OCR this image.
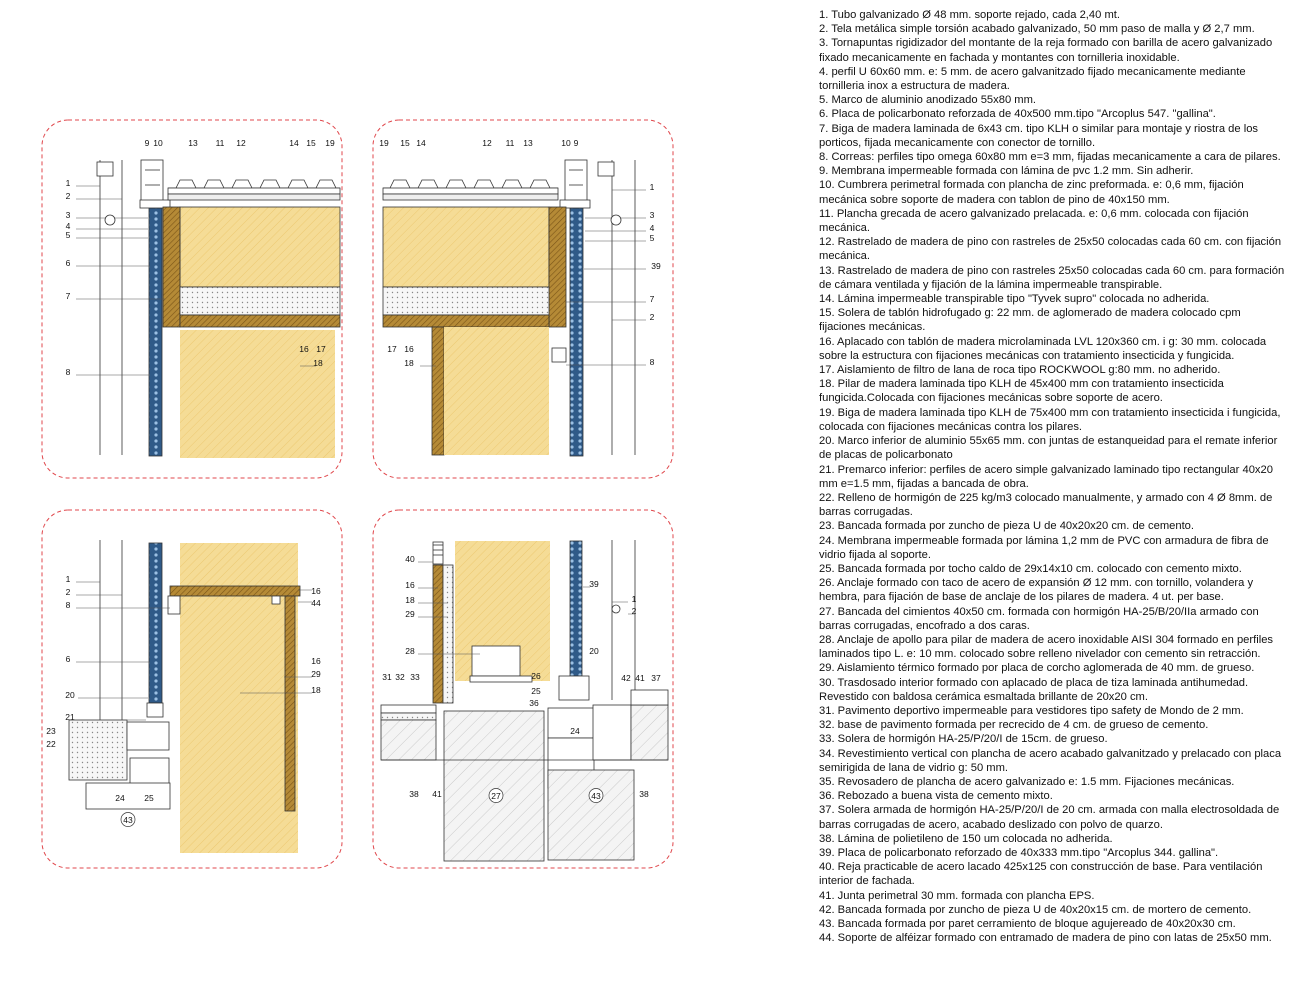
9 10	13 11 12	14 15 19
1
2
3
4
5
6
7
8
16 17
18
19 15 14	12 11 13	10 9
1
3
4
5
39
7
2
8
17 16
18
1
2
8
6
20
21
23
22
24 25
43
16
44
16
29
18
40
16
18
29
28
31 32 33
39
1
2
20
26
25
36
42 41 37
24
38 41	27	43	38

1. Tubo galvanizado Ø 48 mm. soporte rejado, cada 2,40 mt.

2. Tela metálica simple torsión acabado galvanizado, 50 mm paso de malla y Ø 2,7 mm.

3. Tornapuntas rigidizador del montante de la reja formado con barilla de acero galvanizado fixado mecanicamente en fachada y montantes con tornilleria inoxidable.

4. perfil U 60x60 mm. e: 5 mm. de acero galvanitzado fijado mecanicamente mediante tornilleria inox a estructura de madera.

5. Marco de aluminio anodizado 55x80 mm.

6. Placa de policarbonato reforzada de 40x500 mm.tipo "Arcoplus 547. "gallina".

7. Biga de madera laminada de 6x43 cm. tipo KLH o similar para montaje y riostra de los porticos, fijada mecanicamente con conector de tornillo.

8. Correas: perfiles tipo omega 60x80 mm e=3 mm, fijadas mecanicamente a cara de pilares.

9. Membrana impermeable formada con lámina de pvc 1.2 mm. Sin adherir.

10. Cumbrera perimetral formada con plancha de zinc preformada. e: 0,6 mm, fijación mecánica sobre soporte de madera con tablon de pino de 40x150 mm.

11. Plancha grecada de acero galvanizado prelacada. e: 0,6 mm. colocada con fijación mecánica.

12. Rastrelado de madera de pino con rastreles de 25x50 colocadas cada 60 cm. con fijación mecánica.

13. Rastrelado de madera de pino con rastreles 25x50 colocadas cada 60 cm. para formación de cámara ventilada y fijación de la lámina impermeable transpirable.

14. Lámina impermeable transpirable tipo "Tyvek supro" colocada no adherida.

15. Solera de tablón hidrofugado g: 22 mm. de aglomerado de madera colocado cpm fijaciones mecánicas.

16. Aplacado con tablón de madera microlaminada LVL 120x360 cm. i g: 30 mm. colocada sobre la estructura con fijaciones mecánicas con tratamiento insecticida y fungicida.

17. Aislamiento de filtro de lana de roca tipo ROCKWOOL g:80 mm. no adherido.

18. Pilar de madera laminada tipo KLH de 45x400 mm con tratamiento insecticida fungicida.Colocada con fijaciones mecánicas sobre soporte de acero.

19. Biga de madera laminada tipo KLH de 75x400 mm con tratamiento insecticida i fungicida, colocada con fijaciones mecánicas contra los pilares.

20. Marco inferior de aluminio 55x65 mm. con juntas de estanqueidad para el remate inferior de placas de policarbonato

21. Premarco inferior: perfiles de acero simple galvanizado laminado tipo rectangular 40x20 mm e=1.5 mm, fijadas a bancada de obra.

22. Relleno de hormigón de 225 kg/m3 colocado manualmente, y armado con 4 Ø 8mm. de barras corrugadas.

23. Bancada formada por zuncho de pieza U de 40x20x20 cm. de cemento.

24. Membrana impermeable formada por lámina 1,2 mm de PVC con armadura de fibra de vidrio fijada al soporte.

25. Bancada formada por tocho caldo de 29x14x10 cm. colocado con cemento mixto.

26. Anclaje formado con taco de acero de expansión Ø 12 mm. con tornillo, volandera y hembra, para fijación de base de anclaje de los pilares de madera. 4 ut. per base.

27. Bancada del cimientos 40x50 cm. formada con hormigón HA-25/B/20/IIa armado con barras corrugadas, encofrado a dos caras.

28. Anclaje de apollo para pilar de madera de acero inoxidable AISI 304 formado en perfiles laminados tipo L. e: 10 mm. colocado sobre relleno nivelador con cemento sin retracción.

29. Aislamiento térmico formado por placa de corcho aglomerada de 40 mm. de grueso.

30. Trasdosado interior formado con aplacado de placa de tiza laminada antihumedad. Revestido con baldosa cerámica esmaltada brillante de 20x20 cm.

31. Pavimento deportivo impermeable para vestidores tipo safety de Mondo de 2 mm.

32. base de pavimento formada per recrecido de 4 cm. de grueso de cemento.

33. Solera de hormigón HA-25/P/20/I de 15cm. de grueso.

34. Revestimiento vertical con plancha de acero acabado galvanitzado y prelacado con placa semirigida de lana de vidrio g: 50 mm.

35. Revosadero de plancha de acero galvanizado e: 1.5 mm. Fijaciones mecánicas.

36. Rebozado a buena vista de cemento mixto.

37. Solera armada de hormigón HA-25/P/20/I de 20 cm. armada con malla electrosoldada de barras corrugadas de acero, acabado deslizado con polvo de quarzo.

38. Lámina de polietileno de 150 um colocada no adherida.

39. Placa de policarbonato reforzado de 40x333 mm.tipo "Arcoplus 344. gallina".

40. Reja practicable de acero lacado 425x125 con construcción de base. Para ventilación interior de fachada.

41. Junta perimetral 30 mm. formada con plancha EPS.

42. Bancada formada por zuncho de pieza U de 40x20x15 cm. de mortero de cemento.

43. Bancada formada por paret cerramiento de bloque agujereado de 40x20x30 cm.

44. Soporte de alféizar formado con entramado de madera de pino con latas de 25x50 mm.
